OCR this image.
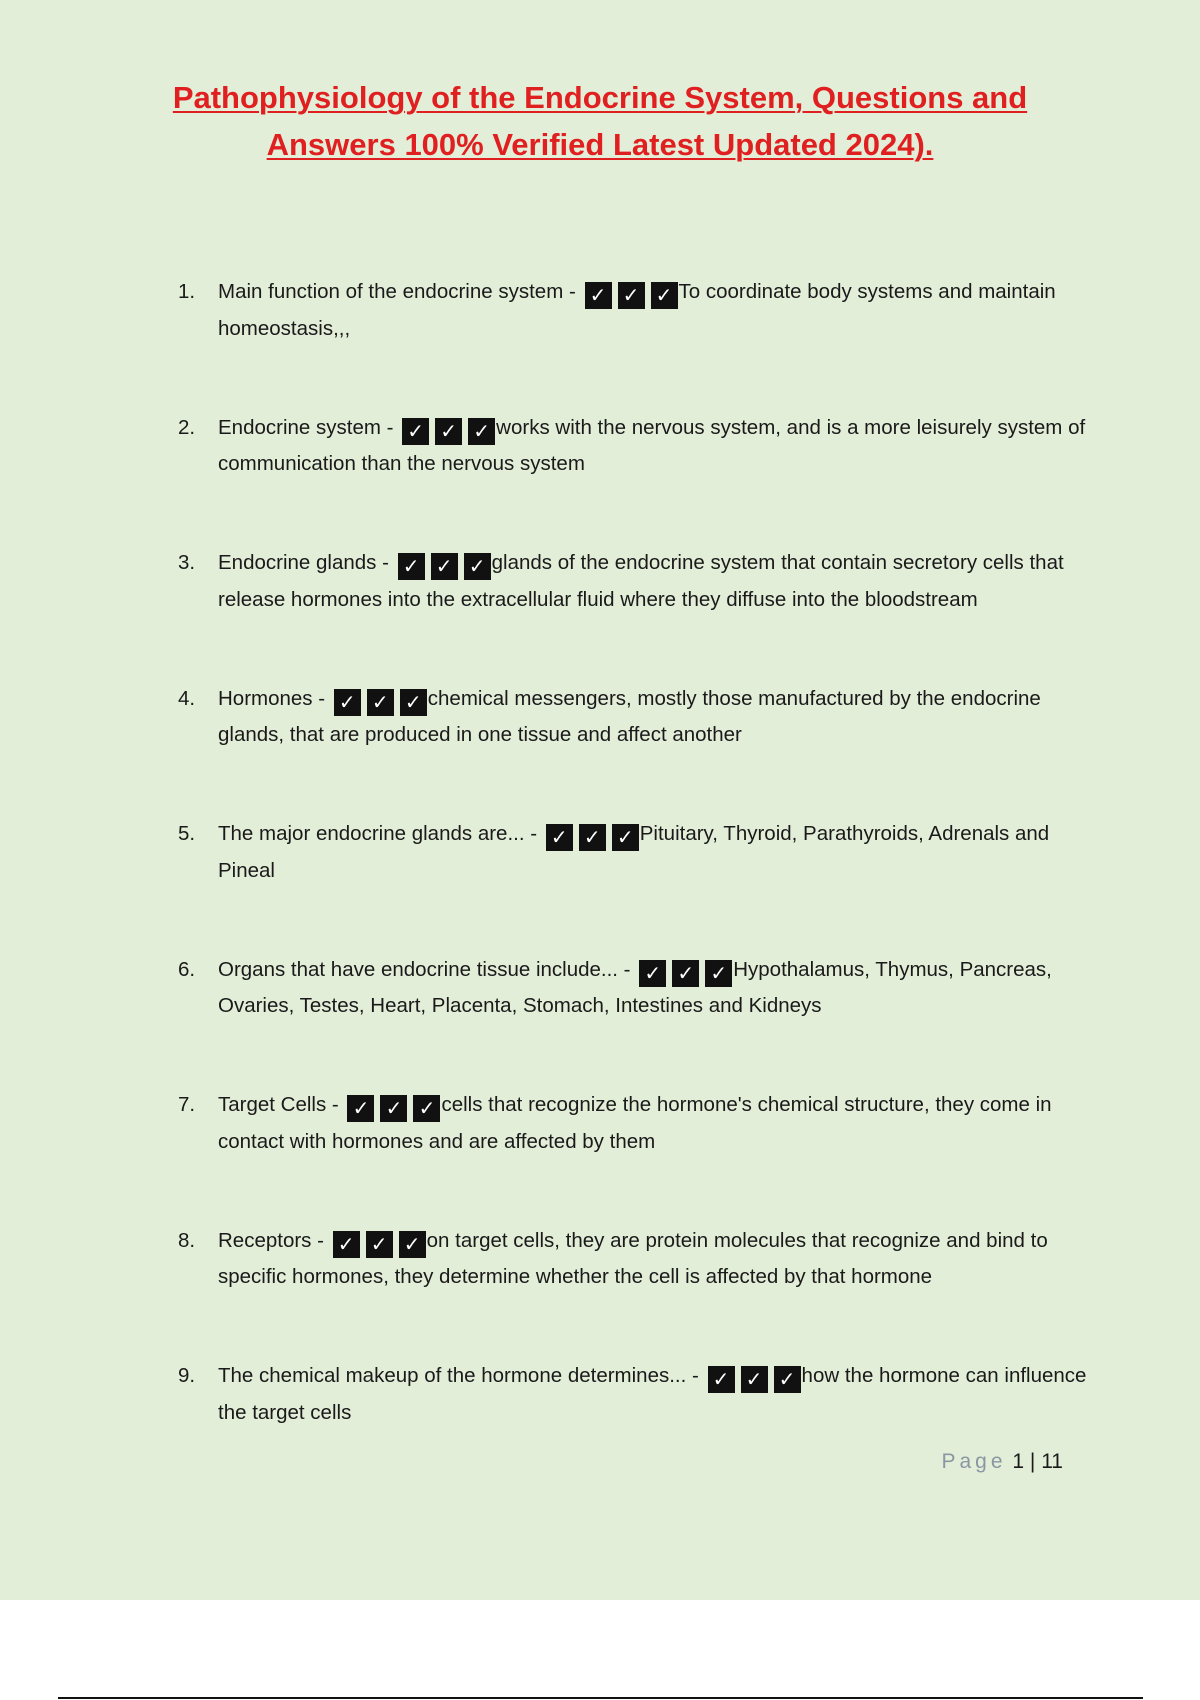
Pathophysiology of the Endocrine System, Questions and
Answers 100% Verified Latest Updated 2024).
1. Main function of the endocrine system - ✓ ✓ ✓ To coordinate body systems and maintain homeostasis,,,
2. Endocrine system - ✓ ✓ ✓ works with the nervous system, and is a more leisurely system of communication than the nervous system
3. Endocrine glands - ✓ ✓ ✓ glands of the endocrine system that contain secretory cells that release hormones into the extracellular fluid where they diffuse into the bloodstream
4. Hormones - ✓ ✓ ✓ chemical messengers, mostly those manufactured by the endocrine glands, that are produced in one tissue and affect another
5. The major endocrine glands are... - ✓ ✓ ✓ Pituitary, Thyroid, Parathyroids, Adrenals and Pineal
6. Organs that have endocrine tissue include... - ✓ ✓ ✓ Hypothalamus, Thymus, Pancreas, Ovaries, Testes, Heart, Placenta, Stomach, Intestines and Kidneys
7. Target Cells - ✓ ✓ ✓ cells that recognize the hormone's chemical structure, they come in contact with hormones and are affected by them
8. Receptors - ✓ ✓ ✓ on target cells, they are protein molecules that recognize and bind to specific hormones, they determine whether the cell is affected by that hormone
9. The chemical makeup of the hormone determines... - ✓ ✓ ✓ how the hormone can influence the target cells
Page 1 | 11
